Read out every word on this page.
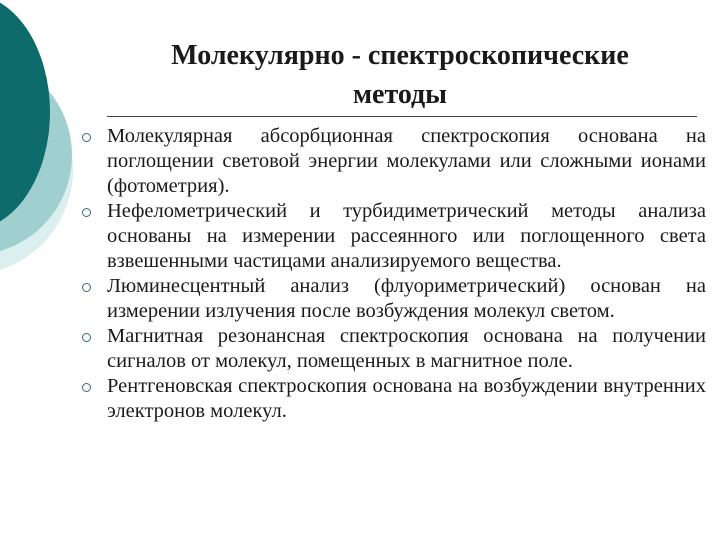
Молекулярно - спектроскопические
методы
Молекулярная абсорбционная спектроскопия основана на поглощении световой энергии молекулами или сложными ионами (фотометрия).
Нефелометрический и турбидиметрический методы анализа основаны на измерении рассеянного или поглощенного света взвешенными частицами анализируемого вещества.
Люминесцентный анализ (флуориметрический) основан на измерении излучения после возбуждения молекул светом.
Магнитная резонансная спектроскопия основана на получении сигналов от молекул, помещенных в магнитное поле.
Рентгеновская спектроскопия основана на возбуждении внутренних электронов молекул.
